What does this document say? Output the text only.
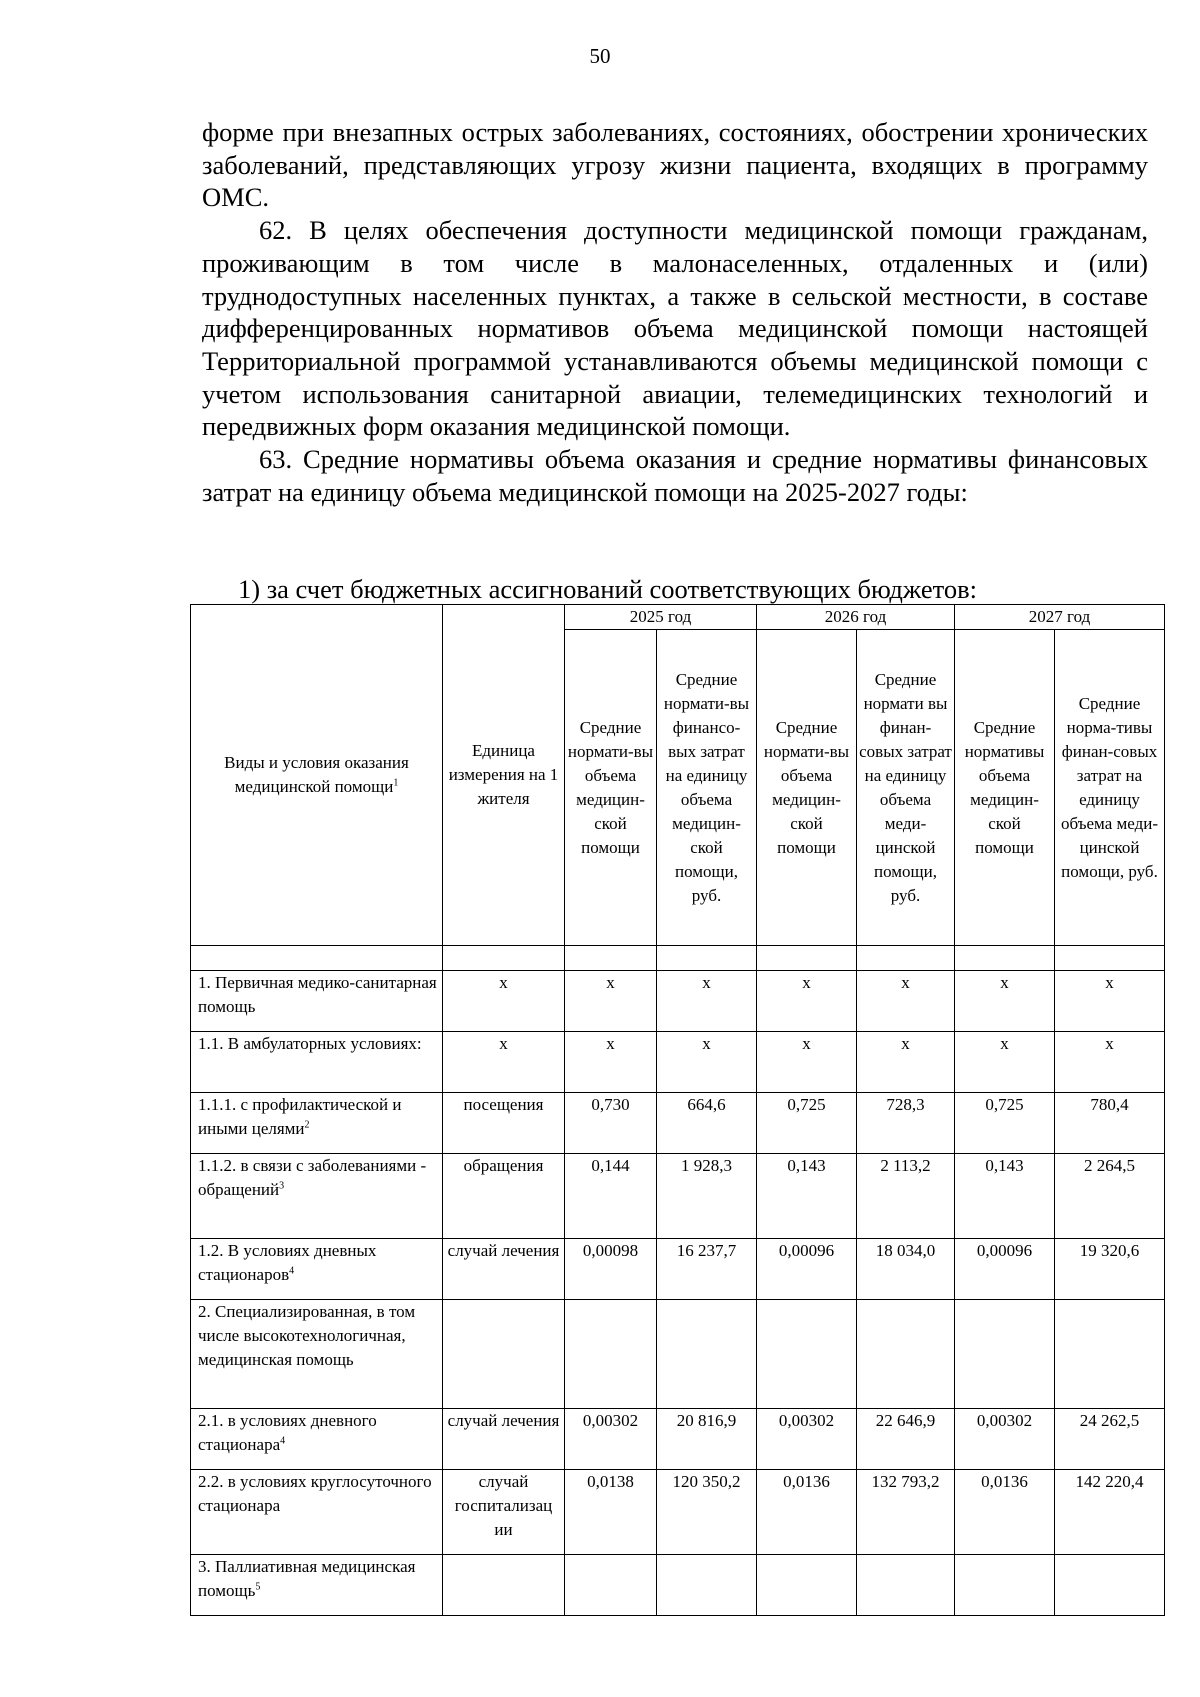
50

форме при внезапных острых заболеваниях, состояниях, обострении хронических заболеваний, представляющих угрозу жизни пациента, входящих в программу ОМС.

62. В целях обеспечения доступности медицинской помощи гражданам, проживающим в том числе в малонаселенных, отдаленных и (или) труднодоступных населенных пунктах, а также в сельской местности, в составе дифференцированных нормативов объема медицинской помощи настоящей Территориальной программой устанавливаются объемы медицинской помощи с учетом использования санитарной авиации, телемедицинских технологий и передвижных форм оказания медицинской помощи.

63. Средние нормативы объема оказания и средние нормативы финансовых затрат на единицу объема медицинской помощи на 2025-2027 годы:

1) за счет бюджетных ассигнований соответствующих бюджетов:
Виды и условия оказания медицинской помощи$^1$	Единица измерения на 1 жителя	2025 год		2026 год		2027 год	
		Средние нормати-вы объема медицин-ской помощи	Средние нормати-вы финансо-вых затрат на единицу объема медицин-ской помощи, руб.	Средние нормати-вы объема медицин-ской помощи	Средние нормати вы финан-совых затрат на единицу объема меди-цинской помощи, руб.	Средние нормативы объема медицин-ской помощи	Средние норма-тивы финан-совых затрат на единицу объема меди-цинской помощи, руб.

1. Первичная медико-санитарная помощь	х	х	х	х	х	х	х
1.1. В амбулаторных условиях:	х	х	х	х	х	х	х
1.1.1. с профилактической и иными целями$^2$	посещения	0,730	664,6	0,725	728,3	0,725	780,4
1.1.2. в связи с заболеваниями - обращений$^3$	обращения	0,144	1 928,3	0,143	2 113,2	0,143	2 264,5
1.2. В условиях дневных стационаров$^4$	случай лечения	0,00098	16 237,7	0,00096	18 034,0	0,00096	19 320,6
2. Специализированная, в том числе высокотехнологичная, медицинская помощь							
2.1. в условиях дневного стационара$^4$	случай лечения	0,00302	20 816,9	0,00302	22 646,9	0,00302	24 262,5
2.2. в условиях круглосуточного стационара	случай госпитализац ии	0,0138	120 350,2	0,0136	132 793,2	0,0136	142 220,4
3. Паллиативная медицинская помощь$^5$							
